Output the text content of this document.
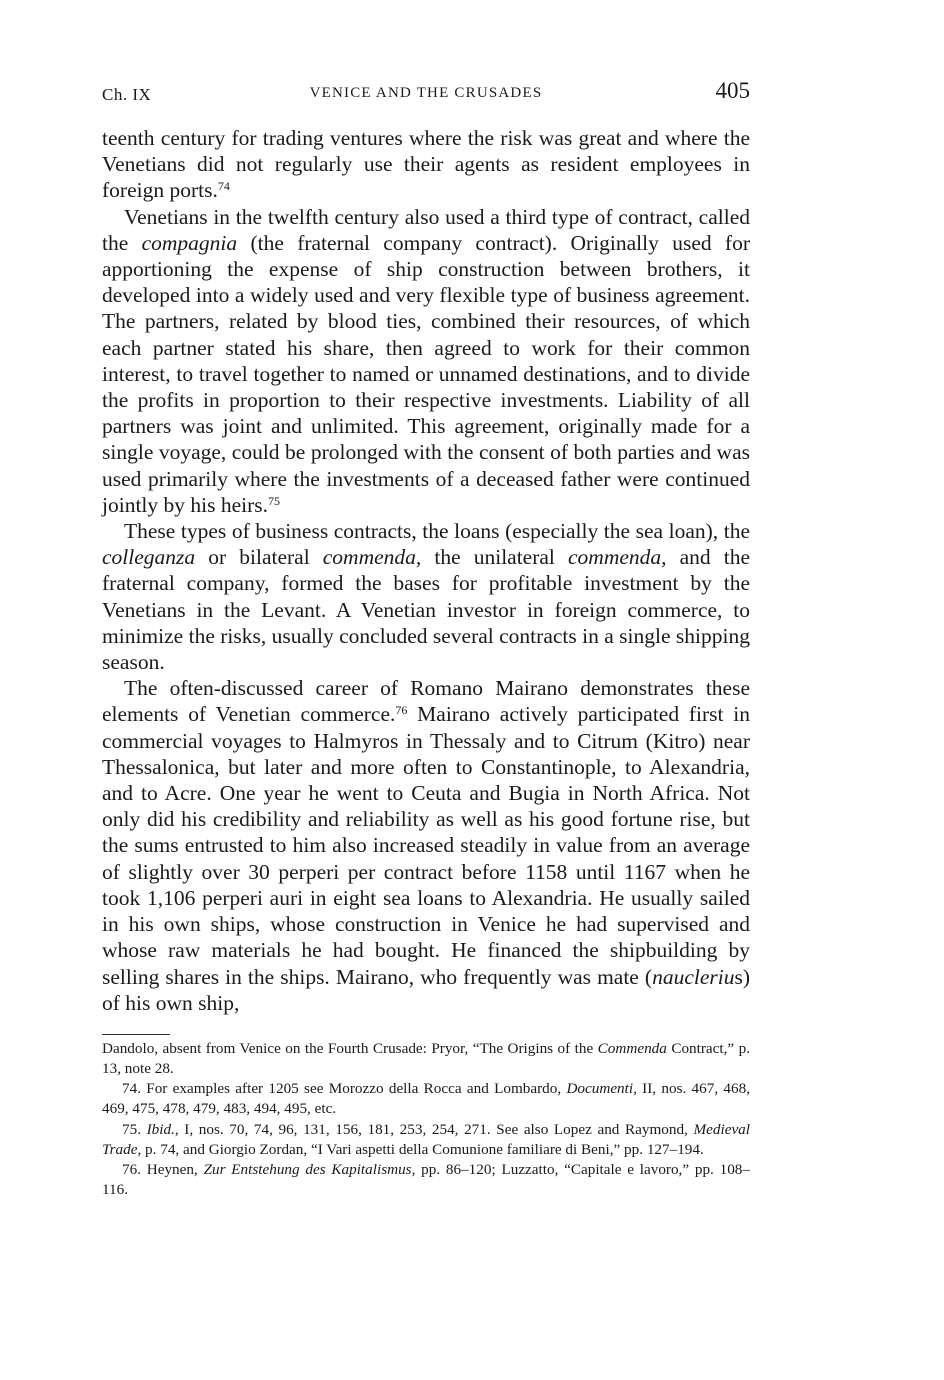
Ch. IX	VENICE AND THE CRUSADES	405

teenth century for trading ventures where the risk was great and where the Venetians did not regularly use their agents as resident employees in foreign ports.$^{74}$

Venetians in the twelfth century also used a third type of contract, called the compagnia (the fraternal company contract). Originally used for apportioning the expense of ship construction between brothers, it developed into a widely used and very flexible type of business agreement. The partners, related by blood ties, combined their resources, of which each partner stated his share, then agreed to work for their common interest, to travel together to named or unnamed destinations, and to divide the profits in proportion to their respective investments. Liability of all partners was joint and unlimited. This agreement, originally made for a single voyage, could be prolonged with the consent of both parties and was used primarily where the investments of a deceased father were continued jointly by his heirs.$^{75}$

These types of business contracts, the loans (especially the sea loan), the colleganza or bilateral commenda, the unilateral commenda, and the fraternal company, formed the bases for profitable investment by the Venetians in the Levant. A Venetian investor in foreign commerce, to minimize the risks, usually concluded several contracts in a single shipping season.

The often-discussed career of Romano Mairano demonstrates these elements of Venetian commerce.$^{76}$ Mairano actively participated first in commercial voyages to Halmyros in Thessaly and to Citrum (Kitro) near Thessalonica, but later and more often to Constantinople, to Alexandria, and to Acre. One year he went to Ceuta and Bugia in North Africa. Not only did his credibility and reliability as well as his good fortune rise, but the sums entrusted to him also increased steadily in value from an average of slightly over 30 perperi per contract before 1158 until 1167 when he took 1,106 perperi auri in eight sea loans to Alexandria. He usually sailed in his own ships, whose construction in Venice he had supervised and whose raw materials he had bought. He financed the shipbuilding by selling shares in the ships. Mairano, who frequently was mate (nauclerius) of his own ship,

Dandolo, absent from Venice on the Fourth Crusade: Pryor, “The Origins of the Commenda Contract,” p. 13, note 28.

74. For examples after 1205 see Morozzo della Rocca and Lombardo, Documenti, II, nos. 467, 468, 469, 475, 478, 479, 483, 494, 495, etc.

75. Ibid., I, nos. 70, 74, 96, 131, 156, 181, 253, 254, 271. See also Lopez and Raymond, Medieval Trade, p. 74, and Giorgio Zordan, “I Vari aspetti della Comunione familiare di Beni,” pp. 127–194.

76. Heynen, Zur Entstehung des Kapitalismus, pp. 86–120; Luzzatto, “Capitale e lavoro,” pp. 108–116.
